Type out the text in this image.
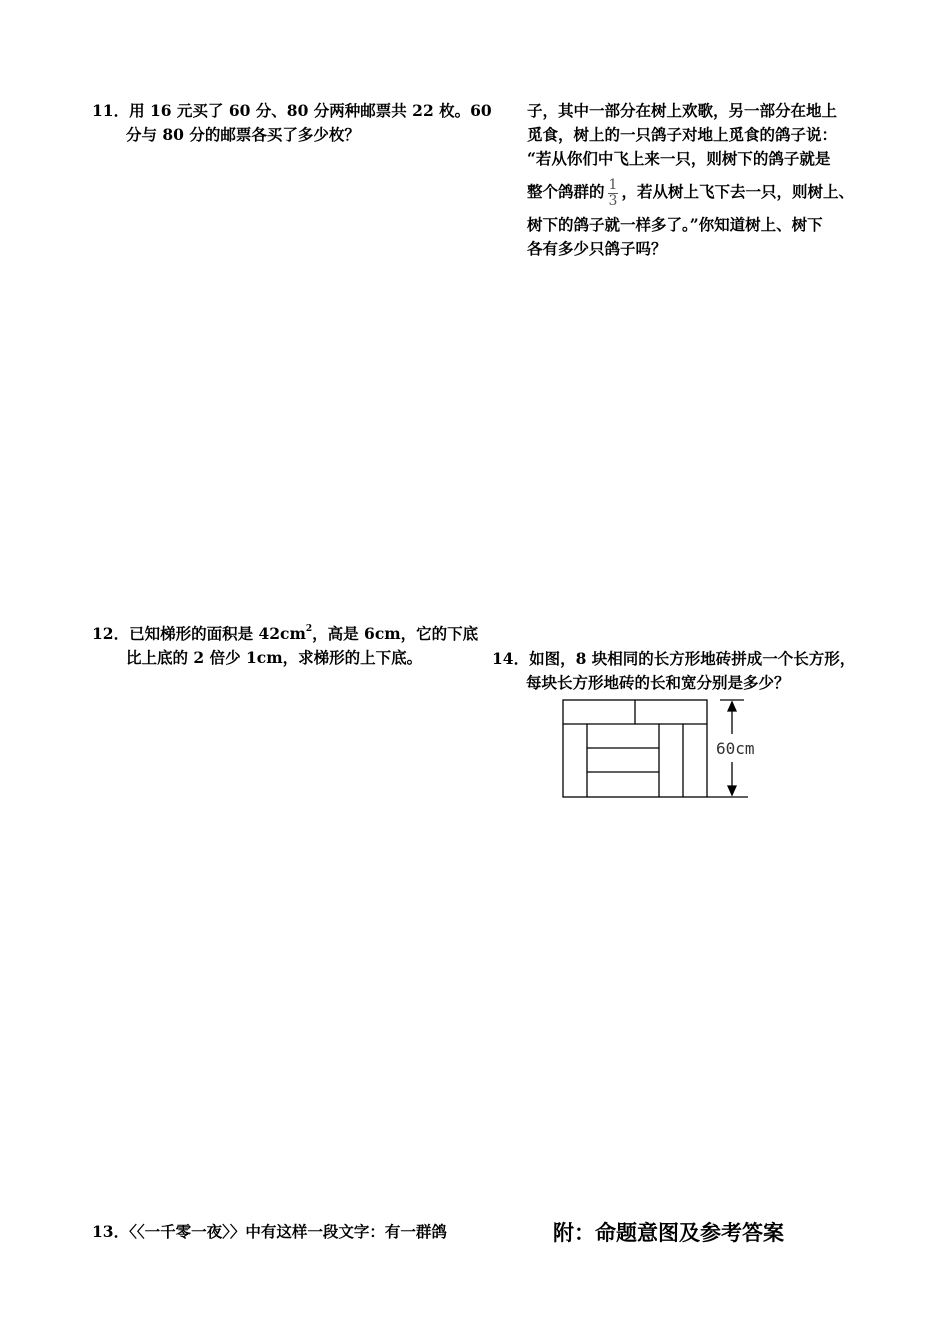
11．用 16 元买了 60 分、80 分两种邮票共 22 枚。60
分与 80 分的邮票各买了多少枚？
子，其中一部分在树上欢歌，另一部分在地上
觅食，树上的一只鸽子对地上觅食的鸽子说：
“若从你们中飞上来一只，则树下的鸽子就是
整个鸽群的 $\frac{1}{3}$ ，若从树上飞下去一只，则树上、
树下的鸽子就一样多了。”你知道树上、树下
各有多少只鸽子吗？
12．已知梯形的面积是 $42cm^2$，高是 6cm，它的下底
比上底的 2 倍少 1cm，求梯形的上下底。	14．如图，8 块相同的长方形地砖拼成一个长方形，
每块长方形地砖的长和宽分别是多少？
60cm
13．〈〈一千零一夜〉〉中有这样一段文字：有一群鸽	附：命题意图及参考答案
